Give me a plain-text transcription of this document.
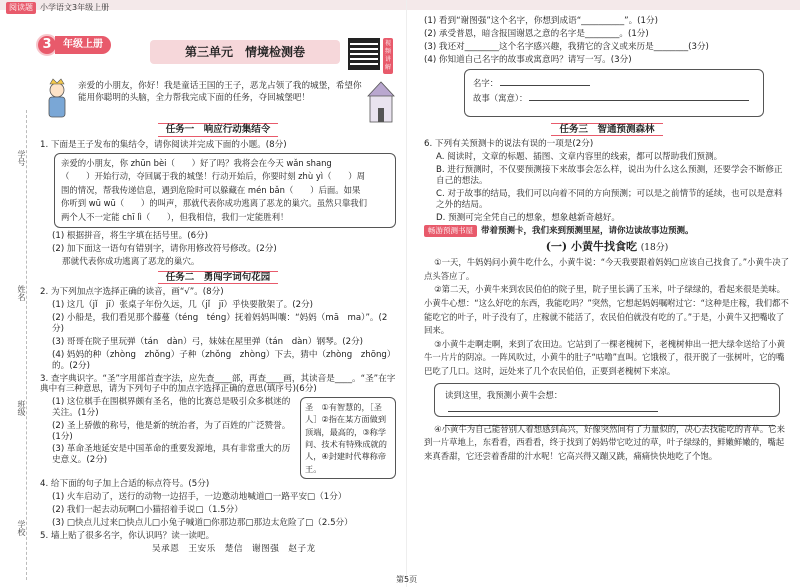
阅读题 小学语文3年级上册
3	年级上册
第三单元　情境检测卷
视频讲解
学号
姓名
班级
学校
亲爱的小朋友，你好！我是童话王国的王子，恶龙占领了我的城堡，希望你能用你聪明的头脑，全力帮我完成下面的任务，夺回城堡吧！
任务一　响应行动集结令

1. 下面是王子发布的集结令，请你阅读并完成下面的小题。(8分)

亲爱的小朋友，你 zhūn bèi（　　）好了吗？我将会在今天 wǎn shang
（　　）开始行动，夺回属于我的城堡！行动开始后，你要时刻 zhù yì（　　）周
围的情况，帮我传递信息，遇到危险时可以躲藏在 mén bǎn（　　）后面。如果
你听到 wū wū（　　）的叫声，那就代表你成功逃离了恶龙的巢穴。虽然只靠我们
两个人不一定能 chī lì（　　），但我相信，我们一定能胜利！

(1) 根据拼音，将生字填在括号里。(6分)

(2) 加下面这一语句有错别字，请你用修改符号修改。(2分)

那就代表你成功逃离了恶龙的巢穴。

任务二　勇闯字词句花园

2. 为下列加点字选择正确的读音，画“√”。(8分)

(1) 这几（jǐ　jī）张桌子年份久远，几（jǐ　jī）乎快要散架了。(2分)

(2) 小船是，我们看见那个藤蔓（téng　téng）抚着妈妈叫嚷：“妈妈（mā　ma）”。(2分)

(3) 哥哥在院子里玩弹（tán　dàn）弓，妹妹在屋里弹（tán　dàn）钢琴。(2分)

(4) 妈妈的种（zhòng　zhǒng）子种（zhǒng　zhòng）下去，猜中（zhòng　zhōng）的。(2分)

3. 查字典识字。“圣”字用部首查字法，应先查____部，再查____画，其读音是____。“圣”在字典中有三种意思，请为下列句子中的加点字选择正确的意思(填序号)(6分)

(1) 这位棋手在围棋界颇有圣名，他的比赛总是吸引众多棋迷的关注。(1分)

(2) 圣上骄傲的称号，他是新的统治者，为了百姓的广泛赞誉。(1分)

(3) 革命圣地延安是中国革命的重要发源地，具有非常重大的历史意义。(2分)

圣　①有智慧的，［圣人］②指在某方面做到顶端，最高的，③称学问、技术有特殊成就的人，④封建时代尊称帝王。

4. 给下面的句子加上合适的标点符号。(5分)

(1) 火车启动了，送行的动物一边招手，一边邀动地喊道□一路平安□（1分）

(2) 我们一起去动玩啊□小猫招着手说□（1.5分）

(3) □快点儿过来□快点儿□小兔子喊道□你那边那□那边太危险了□（2.5分）

5. 墙上贴了很多名字，你认识吗？读一读吧。

吴承恩　王安乐　楚信　谢图强　赵子龙

(1) 看到“谢图强”这个名字，你想到成语“__________”。(1分)

(2) 承受普恩，暗含报国谢恩之意的名字是________。(1分)

(3) 我还对________这个名字感兴趣，我猜它的含义或来历是________(3分)

(4) 你知道自己名字的故事或寓意吗？请写一写。(3分)

名字：
故事（寓意）：
任务三　智通预测森林

6. 下列有关预测卡的说法有误的一项是(2分)

A. 阅读时，文章的标题、插图、文章内容里的线索，都可以帮助我们预测。

B. 进行预测时，不仅要预测接下来故事会怎么样，说出为什么这么预测，还要学会不断修正自己的想法。

C. 对于故事的结局，我们可以向着不同的方向预测；可以是之前情节的延续，也可以是意料之外的结局。

D. 预测可完全凭自己的想象，想象越新奇越好。

畅游预测书屋 带着预测卡，我们来到预测里屋，请你边读故事边预测。
(一) 小黄牛找食吃 (18分)

①一天，牛妈妈问小黄牛吃什么，小黄牛说：“今天我要跟着妈妈□应该自己找食了。”小黄牛决了点头答应了。

②第二天，小黄牛来到农民伯伯的院子里，院子里长满了玉米，叶子绿绿的，看起来很是美味。小黄牛心想：“这么好吃的东西，我能吃吗？”突然，它想起妈妈嘱咐过它：“这种是庄稼，我们都不能吃它的叶子，叶子没有了，庄稼就不能活了，农民伯伯就没有吃的了。”于是，小黄牛又把嘴收了回来。

③小黄牛走啊走啊，来到了农田边。它站到了一棵老槐树下，老槐树伸出一把大绿伞送给了小黄牛一片片的阴凉。一阵风吹过，小黄牛的肚子“咕噜”直叫。它饿极了，很开脱了一张树叶，它的嘴巴吃了几口。这时，远处来了几个农民伯伯，正要到老槐树下来凉。

读到这里，我预测小黄牛会想：

④小黄牛为自己能替别人着想感到高兴，好像突然间有了力量似的，决心去找能吃的青草。它来到一片草地上，东看看，西看看，终于找到了妈妈带它吃过的草，叶子绿绿的，鲜嫩鲜嫩的，嘴起来真香甜，它还尝着香甜的汁水呢！它高兴得又蹦又跳，痛痛快快地吃了个饱。

第5页
